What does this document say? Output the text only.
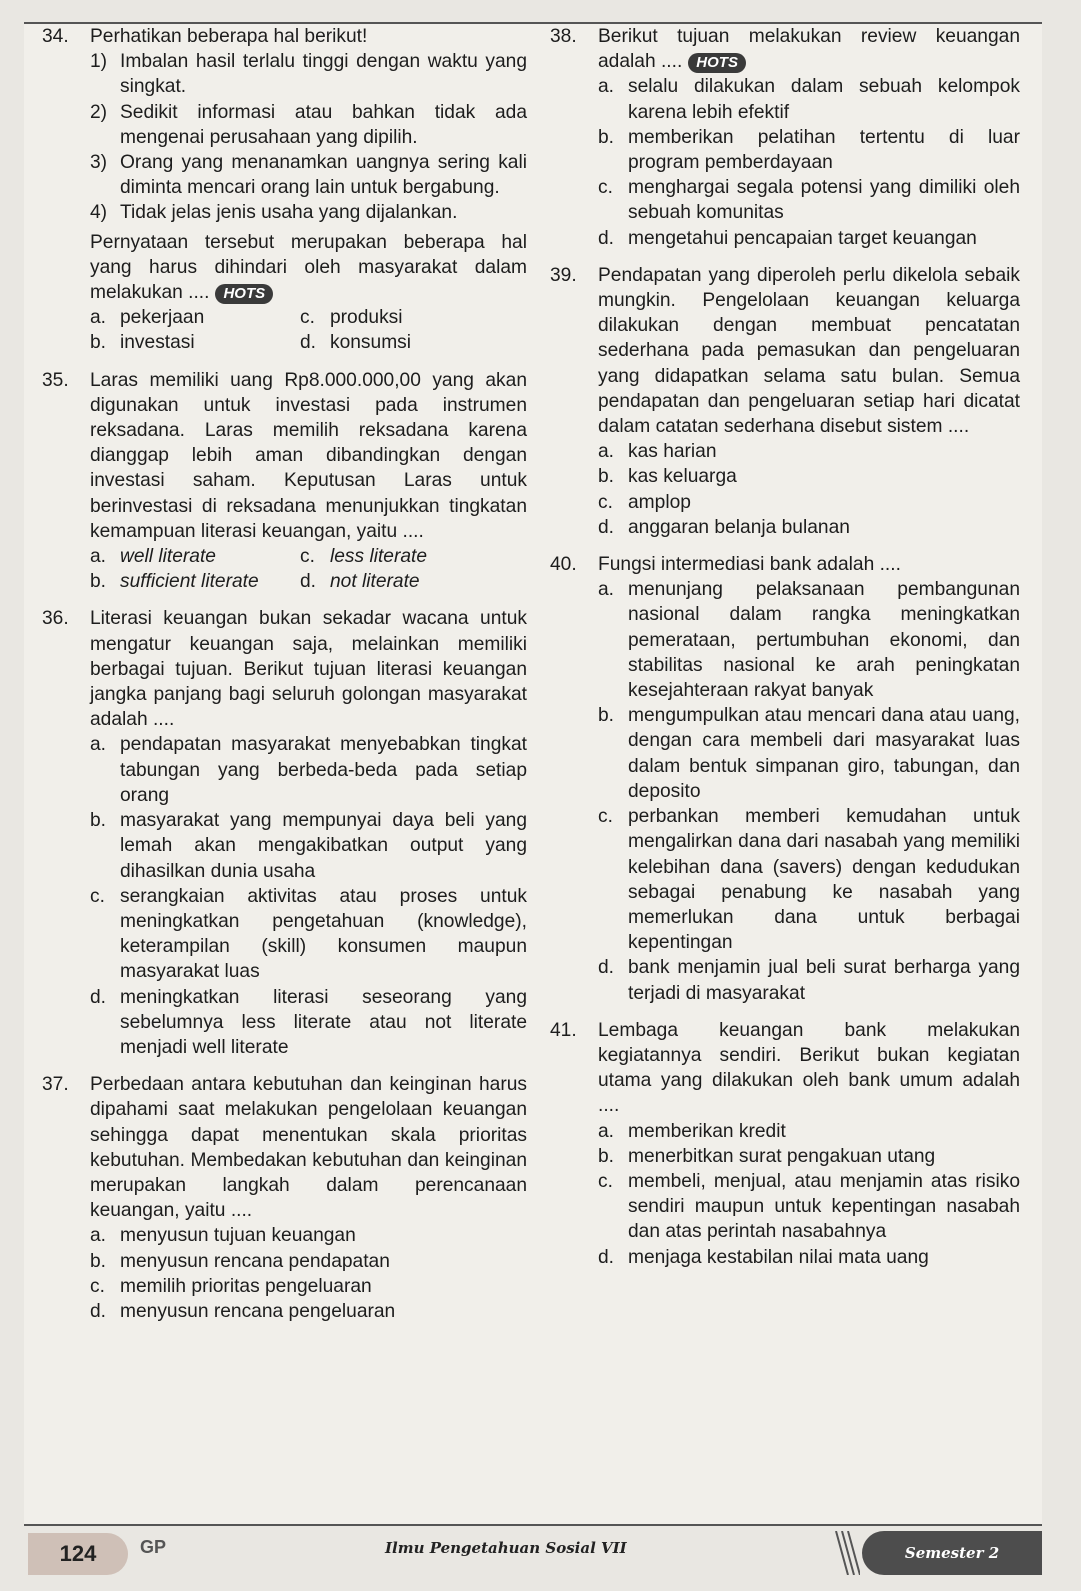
34.	Perhatikan beberapa hal berikut!
1) Imbalan hasil terlalu tinggi dengan waktu yang singkat.
2) Sedikit informasi atau bahkan tidak ada mengenai perusahaan yang dipilih.
3) Orang yang menanamkan uangnya sering kali diminta mencari orang lain untuk bergabung.
4) Tidak jelas jenis usaha yang dijalankan.
Pernyataan tersebut merupakan beberapa hal yang harus dihindari oleh masyarakat dalam melakukan .... HOTS
a. pekerjaan	c. produksi
b. investasi	d. konsumsi
35.	Laras memiliki uang Rp8.000.000,00 yang akan digunakan untuk investasi pada instrumen reksadana. Laras memilih reksadana karena dianggap lebih aman dibandingkan dengan investasi saham. Keputusan Laras untuk berinvestasi di reksadana menunjukkan tingkatan kemampuan literasi keuangan, yaitu ....
a. well literate	c. less literate
b. sufficient literate d. not literate
36.	Literasi keuangan bukan sekadar wacana untuk mengatur keuangan saja, melainkan memiliki berbagai tujuan. Berikut tujuan literasi keuangan jangka panjang bagi seluruh golongan masyarakat adalah ....
a. pendapatan masyarakat menyebabkan tingkat tabungan yang berbeda-beda pada setiap orang
b. masyarakat yang mempunyai daya beli yang lemah akan mengakibatkan output yang dihasilkan dunia usaha
c. serangkaian aktivitas atau proses untuk meningkatkan pengetahuan (knowledge), keterampilan (skill) konsumen maupun masyarakat luas
d. meningkatkan literasi seseorang yang sebelumnya less literate atau not literate menjadi well literate
37.	Perbedaan antara kebutuhan dan keinginan harus dipahami saat melakukan pengelolaan keuangan sehingga dapat menentukan skala prioritas kebutuhan. Membedakan kebutuhan dan keinginan merupakan langkah dalam perencanaan keuangan, yaitu ....
a. menyusun tujuan keuangan
b. menyusun rencana pendapatan
c. memilih prioritas pengeluaran
d. menyusun rencana pengeluaran
38.	Berikut tujuan melakukan review keuangan adalah .... HOTS
a. selalu dilakukan dalam sebuah kelompok karena lebih efektif
b. memberikan pelatihan tertentu di luar program pemberdayaan
c. menghargai segala potensi yang dimiliki oleh sebuah komunitas
d. mengetahui pencapaian target keuangan
39.	Pendapatan yang diperoleh perlu dikelola sebaik mungkin. Pengelolaan keuangan keluarga dilakukan dengan membuat pencatatan sederhana pada pemasukan dan pengeluaran yang didapatkan selama satu bulan. Semua pendapatan dan pengeluaran setiap hari dicatat dalam catatan sederhana disebut sistem ....
a. kas harian
b. kas keluarga
c. amplop
d. anggaran belanja bulanan
40.	Fungsi intermediasi bank adalah ....
a. menunjang pelaksanaan pembangunan nasional dalam rangka meningkatkan pemerataan, pertumbuhan ekonomi, dan stabilitas nasional ke arah peningkatan kesejahteraan rakyat banyak
b. mengumpulkan atau mencari dana atau uang, dengan cara membeli dari masyarakat luas dalam bentuk simpanan giro, tabungan, dan deposito
c. perbankan memberi kemudahan untuk mengalirkan dana dari nasabah yang memiliki kelebihan dana (savers) dengan kedudukan sebagai penabung ke nasabah yang memerlukan dana untuk berbagai kepentingan
d. bank menjamin jual beli surat berharga yang terjadi di masyarakat
41.	Lembaga keuangan bank melakukan kegiatannya sendiri. Berikut bukan kegiatan utama yang dilakukan oleh bank umum adalah ....
a. memberikan kredit
b. menerbitkan surat pengakuan utang
c. membeli, menjual, atau menjamin atas risiko sendiri maupun untuk kepentingan nasabah dan atas perintah nasabahnya
d. menjaga kestabilan nilai mata uang
124	GP	Ilmu Pengetahuan Sosial VII	Semester 2
